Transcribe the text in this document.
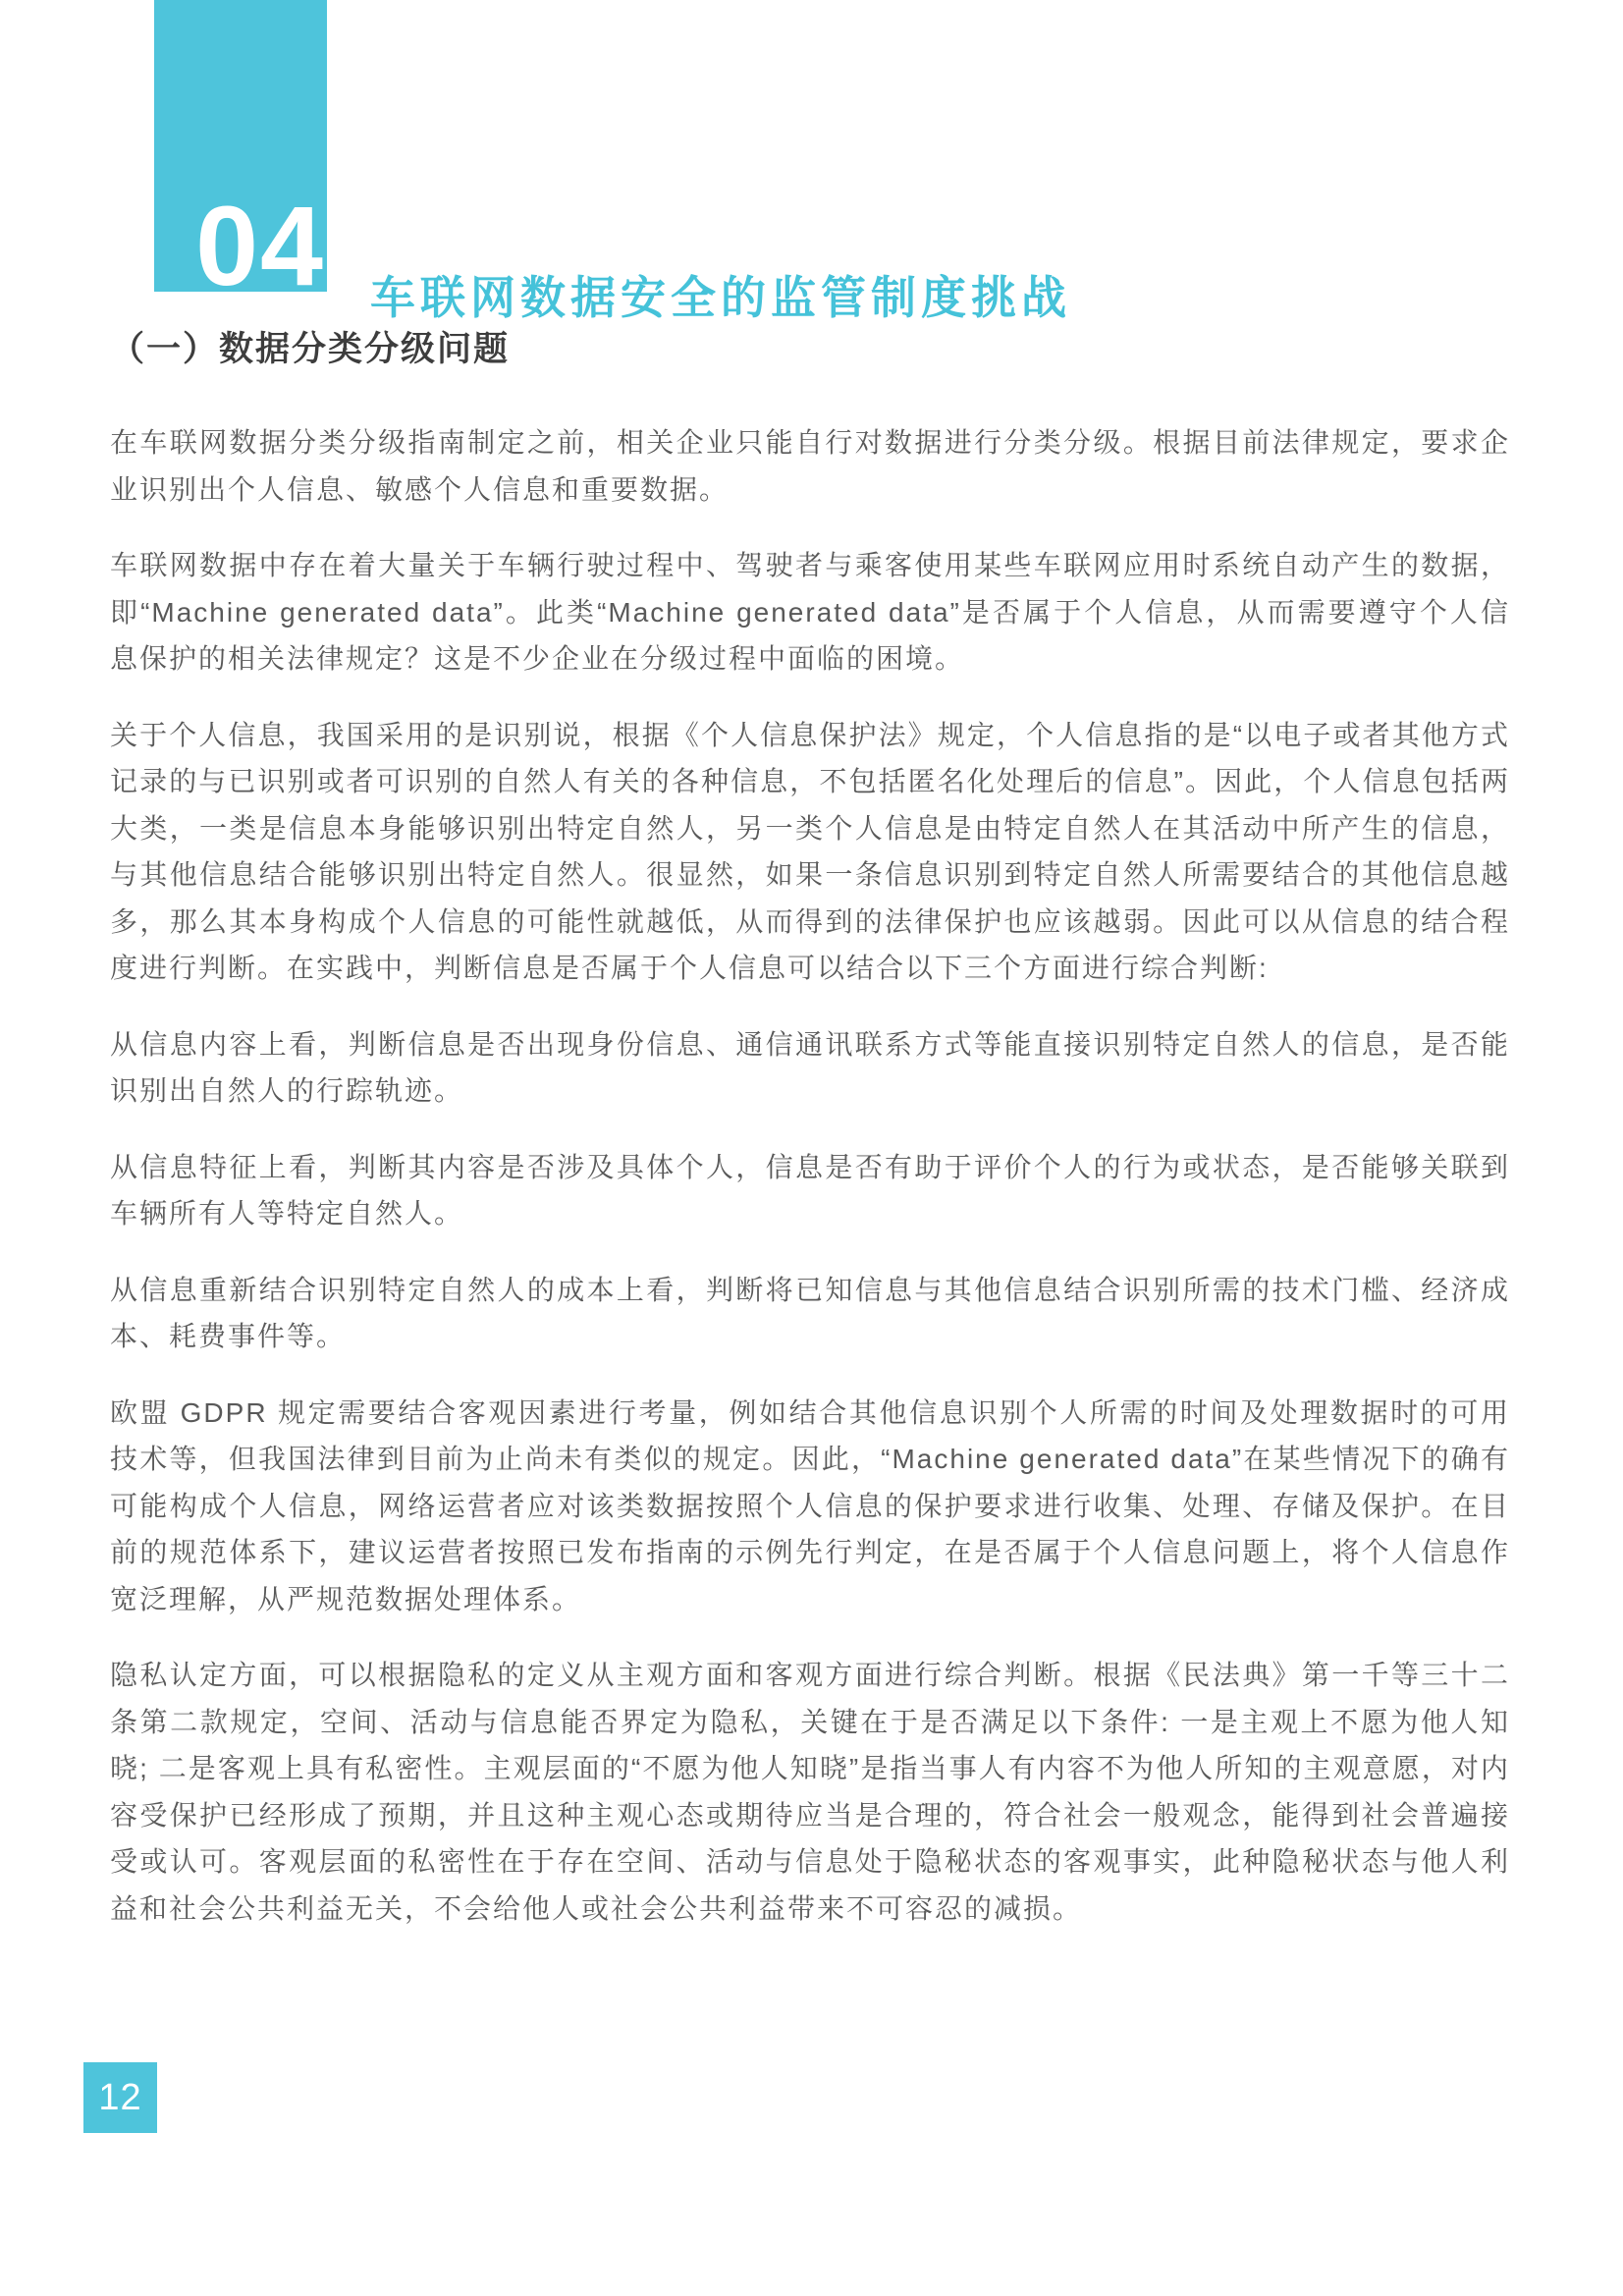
04 车联网数据安全的监管制度挑战
（一）数据分类分级问题

在车联网数据分类分级指南制定之前，相关企业只能自行对数据进行分类分级。根据目前法律规定，要求企业识别出个人信息、敏感个人信息和重要数据。

车联网数据中存在着大量关于车辆行驶过程中、驾驶者与乘客使用某些车联网应用时系统自动产生的数据，即“Machine generated data”。此类“Machine generated data”是否属于个人信息，从而需要遵守个人信息保护的相关法律规定？这是不少企业在分级过程中面临的困境。

关于个人信息，我国采用的是识别说，根据《个人信息保护法》规定，个人信息指的是“以电子或者其他方式记录的与已识别或者可识别的自然人有关的各种信息，不包括匿名化处理后的信息”。因此，个人信息包括两大类，一类是信息本身能够识别出特定自然人，另一类个人信息是由特定自然人在其活动中所产生的信息，与其他信息结合能够识别出特定自然人。很显然，如果一条信息识别到特定自然人所需要结合的其他信息越多，那么其本身构成个人信息的可能性就越低，从而得到的法律保护也应该越弱。因此可以从信息的结合程度进行判断。在实践中，判断信息是否属于个人信息可以结合以下三个方面进行综合判断:

从信息内容上看，判断信息是否出现身份信息、通信通讯联系方式等能直接识别特定自然人的信息，是否能识别出自然人的行踪轨迹。

从信息特征上看，判断其内容是否涉及具体个人，信息是否有助于评价个人的行为或状态，是否能够关联到车辆所有人等特定自然人。

从信息重新结合识别特定自然人的成本上看，判断将已知信息与其他信息结合识别所需的技术门槛、经济成本、耗费事件等。

欧盟 GDPR 规定需要结合客观因素进行考量，例如结合其他信息识别个人所需的时间及处理数据时的可用技术等，但我国法律到目前为止尚未有类似的规定。因此，“Machine generated data”在某些情况下的确有可能构成个人信息，网络运营者应对该类数据按照个人信息的保护要求进行收集、处理、存储及保护。在目前的规范体系下，建议运营者按照已发布指南的示例先行判定，在是否属于个人信息问题上，将个人信息作宽泛理解，从严规范数据处理体系。

隐私认定方面，可以根据隐私的定义从主观方面和客观方面进行综合判断。根据《民法典》第一千等三十二条第二款规定，空间、活动与信息能否界定为隐私，关键在于是否满足以下条件: 一是主观上不愿为他人知晓; 二是客观上具有私密性。主观层面的“不愿为他人知晓”是指当事人有内容不为他人所知的主观意愿，对内容受保护已经形成了预期，并且这种主观心态或期待应当是合理的，符合社会一般观念，能得到社会普遍接受或认可。客观层面的私密性在于存在空间、活动与信息处于隐秘状态的客观事实，此种隐秘状态与他人利益和社会公共利益无关，不会给他人或社会公共利益带来不可容忍的减损。

12
